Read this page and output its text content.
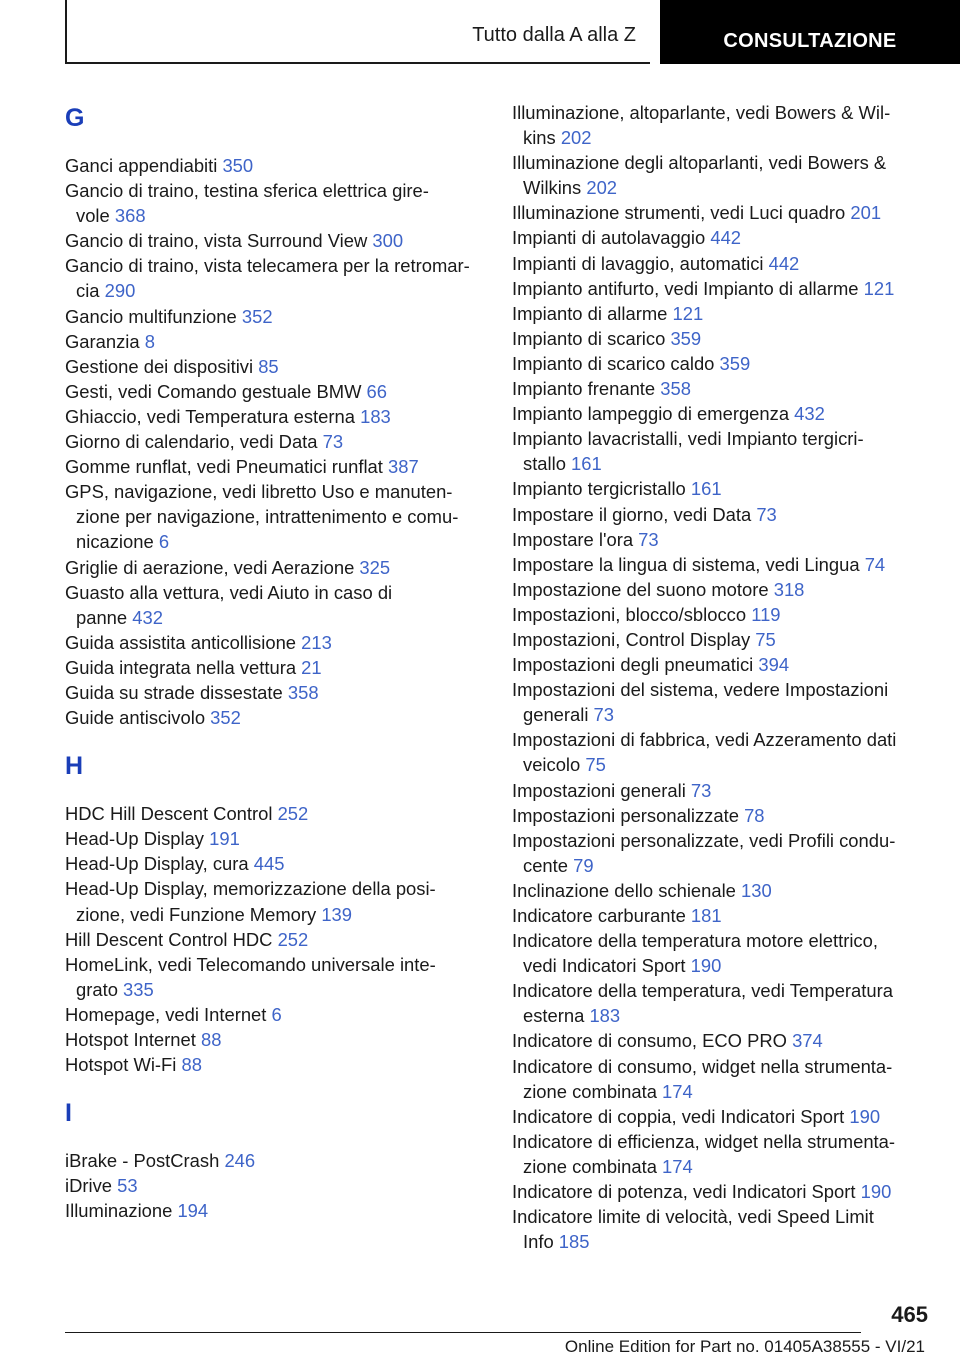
Tutto dalla A alla Z	CONSULTAZIONE
G
Ganci appendiabiti 350
Gancio di traino, testina sferica elettrica gire-
vole 368
Gancio di traino, vista Surround View 300
Gancio di traino, vista telecamera per la retromar-
cia 290
Gancio multifunzione 352
Garanzia 8
Gestione dei dispositivi 85
Gesti, vedi Comando gestuale BMW 66
Ghiaccio, vedi Temperatura esterna 183
Giorno di calendario, vedi Data 73
Gomme runflat, vedi Pneumatici runflat 387
GPS, navigazione, vedi libretto Uso e manuten-
zione per navigazione, intrattenimento e comu-
nicazione 6
Griglie di aerazione, vedi Aerazione 325
Guasto alla vettura, vedi Aiuto in caso di
panne 432
Guida assistita anticollisione 213
Guida integrata nella vettura 21
Guida su strade dissestate 358
Guide antiscivolo 352
H
HDC Hill Descent Control 252
Head-Up Display 191
Head-Up Display, cura 445
Head-Up Display, memorizzazione della posi-
zione, vedi Funzione Memory 139
Hill Descent Control HDC 252
HomeLink, vedi Telecomando universale inte-
grato 335
Homepage, vedi Internet 6
Hotspot Internet 88
Hotspot Wi-Fi 88
I
iBrake - PostCrash 246
iDrive 53
Illuminazione 194
Illuminazione, altoparlante, vedi Bowers & Wil-
kins 202
Illuminazione degli altoparlanti, vedi Bowers &
Wilkins 202
Illuminazione strumenti, vedi Luci quadro 201
Impianti di autolavaggio 442
Impianti di lavaggio, automatici 442
Impianto antifurto, vedi Impianto di allarme 121
Impianto di allarme 121
Impianto di scarico 359
Impianto di scarico caldo 359
Impianto frenante 358
Impianto lampeggio di emergenza 432
Impianto lavacristalli, vedi Impianto tergicri-
stallo 161
Impianto tergicristallo 161
Impostare il giorno, vedi Data 73
Impostare l'ora 73
Impostare la lingua di sistema, vedi Lingua 74
Impostazione del suono motore 318
Impostazioni, blocco/sblocco 119
Impostazioni, Control Display 75
Impostazioni degli pneumatici 394
Impostazioni del sistema, vedere Impostazioni
generali 73
Impostazioni di fabbrica, vedi Azzeramento dati
veicolo 75
Impostazioni generali 73
Impostazioni personalizzate 78
Impostazioni personalizzate, vedi Profili condu-
cente 79
Inclinazione dello schienale 130
Indicatore carburante 181
Indicatore della temperatura motore elettrico,
vedi Indicatori Sport 190
Indicatore della temperatura, vedi Temperatura
esterna 183
Indicatore di consumo, ECO PRO 374
Indicatore di consumo, widget nella strumenta-
zione combinata 174
Indicatore di coppia, vedi Indicatori Sport 190
Indicatore di efficienza, widget nella strumenta-
zione combinata 174
Indicatore di potenza, vedi Indicatori Sport 190
Indicatore limite di velocità, vedi Speed Limit
Info 185
465
Online Edition for Part no. 01405A38555 - VI/21
